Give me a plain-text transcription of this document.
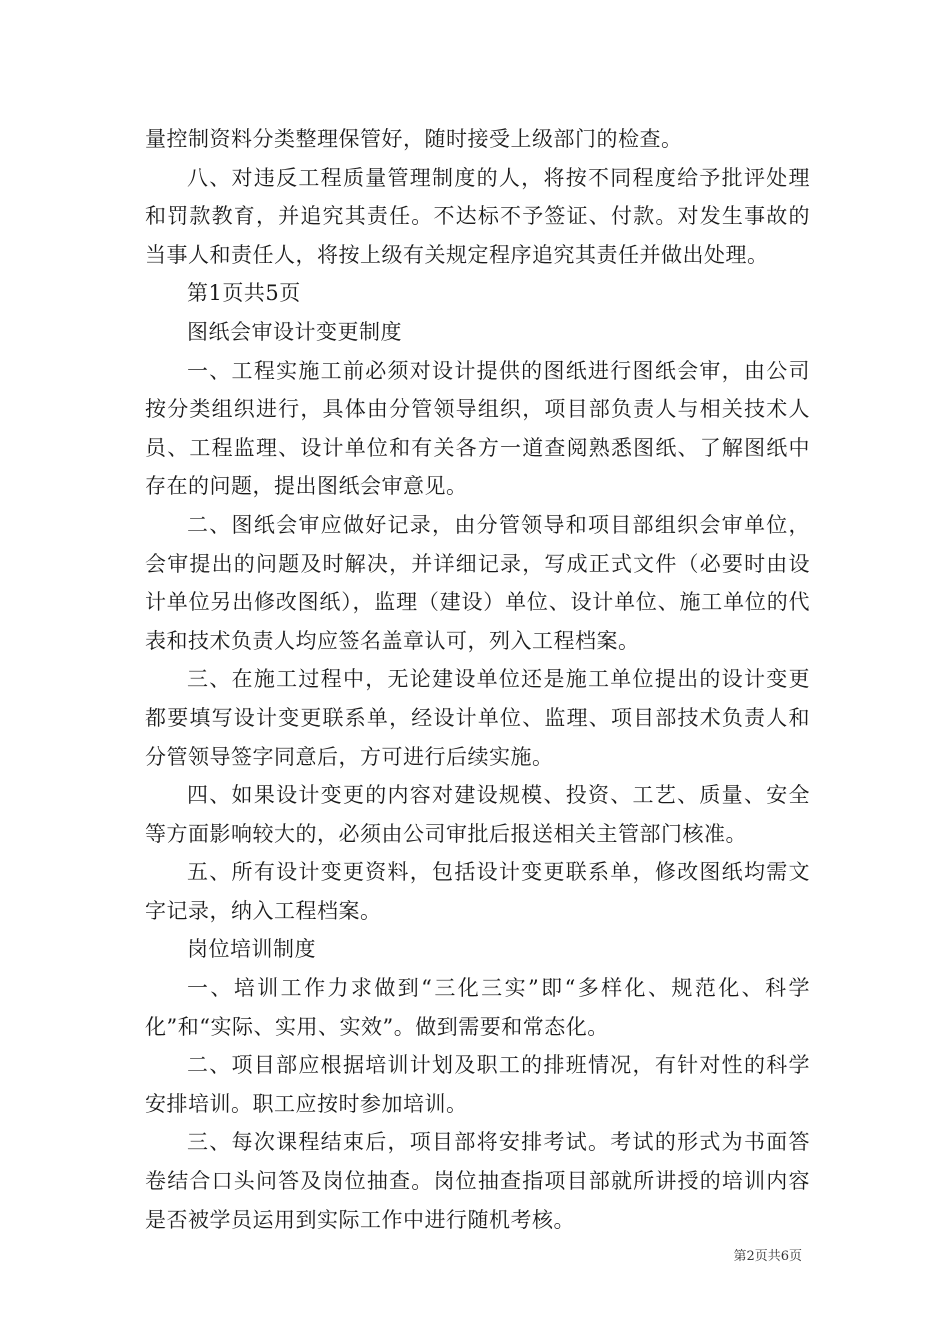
量控制资料分类整理保管好，随时接受上级部门的检查。

八、对违反工程质量管理制度的人，将按不同程度给予批评处理和罚款教育，并追究其责任。不达标不予签证、付款。对发生事故的当事人和责任人，将按上级有关规定程序追究其责任并做出处理。

第1页共5页

图纸会审设计变更制度

一、工程实施工前必须对设计提供的图纸进行图纸会审，由公司按分类组织进行，具体由分管领导组织，项目部负责人与相关技术人员、工程监理、设计单位和有关各方一道查阅熟悉图纸、了解图纸中存在的问题，提出图纸会审意见。

二、图纸会审应做好记录，由分管领导和项目部组织会审单位，会审提出的问题及时解决，并详细记录，写成正式文件（必要时由设计单位另出修改图纸），监理（建设）单位、设计单位、施工单位的代表和技术负责人均应签名盖章认可，列入工程档案。

三、在施工过程中，无论建设单位还是施工单位提出的设计变更都要填写设计变更联系单，经设计单位、监理、项目部技术负责人和分管领导签字同意后，方可进行后续实施。

四、如果设计变更的内容对建设规模、投资、工艺、质量、安全等方面影响较大的，必须由公司审批后报送相关主管部门核准。

五、所有设计变更资料，包括设计变更联系单，修改图纸均需文字记录，纳入工程档案。

岗位培训制度

一、培训工作力求做到“三化三实”即“多样化、规范化、科学化”和“实际、实用、实效”。做到需要和常态化。

二、项目部应根据培训计划及职工的排班情况，有针对性的科学安排培训。职工应按时参加培训。

三、每次课程结束后，项目部将安排考试。考试的形式为书面答卷结合口头问答及岗位抽查。岗位抽查指项目部就所讲授的培训内容是否被学员运用到实际工作中进行随机考核。

第2页共6页
